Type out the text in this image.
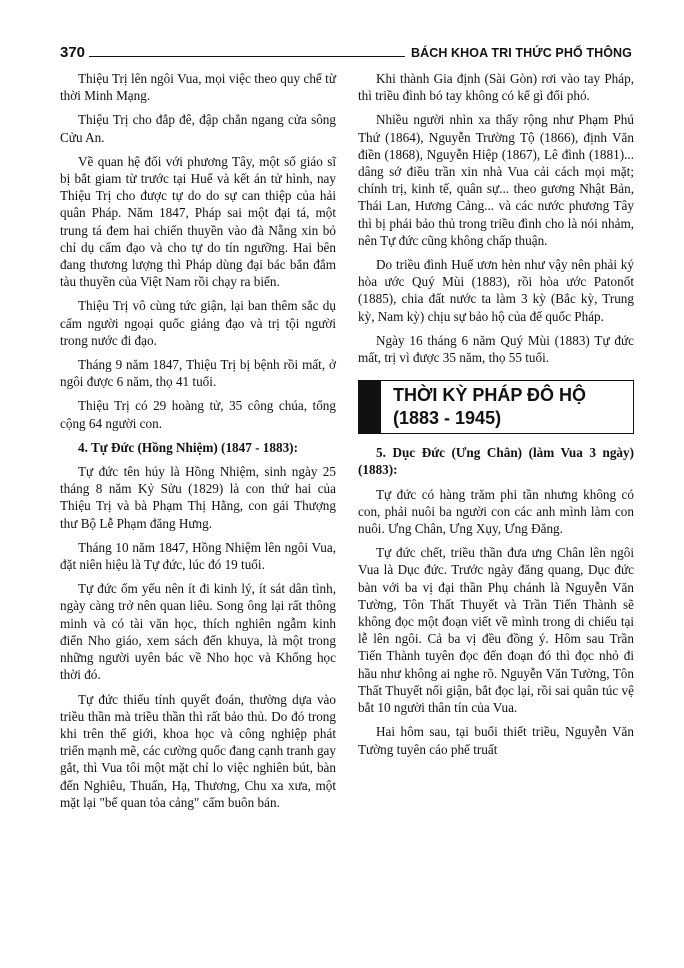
370	BÁCH KHOA TRI THỨC PHỔ THÔNG

Thiệu Trị lên ngôi Vua, mọi việc theo quy chế từ thời Minh Mạng.

Thiệu Trị cho đắp đê, đập chắn ngang cửa sông Cửu An.

Về quan hệ đối với phương Tây, một số giáo sĩ bị bắt giam từ trước tại Huế và kết án tử hình, nay Thiệu Trị cho được tự do do sự can thiệp của hải quân Pháp. Năm 1847, Pháp sai một đại tá, một trung tá đem hai chiến thuyền vào đà Nẵng xin bỏ chỉ dụ cấm đạo và cho tự do tín ngưỡng. Hai bên đang thương lượng thì Pháp dùng đại bác bắn đắm tàu thuyền của Việt Nam rồi chạy ra biển.

Thiệu Trị vô cùng tức giận, lại ban thêm sắc dụ cấm người ngoại quốc giảng đạo và trị tội người trong nước đi đạo.

Tháng 9 năm 1847, Thiệu Trị bị bệnh rồi mất, ở ngôi được 6 năm, thọ 41 tuổi.

Thiệu Trị có 29 hoàng tử, 35 công chúa, tổng cộng 64 người con.

4. Tự Đức (Hồng Nhiệm) (1847 - 1883):

Tự đức tên húy là Hồng Nhiệm, sinh ngày 25 tháng 8 năm Kỷ Sửu (1829) là con thứ hai của Thiệu Trị và bà Phạm Thị Hằng, con gái Thượng thư Bộ Lễ Phạm đăng Hưng.

Tháng 10 năm 1847, Hồng Nhiệm lên ngôi Vua, đặt niên hiệu là Tự đức, lúc đó 19 tuổi.

Tự đức ốm yếu nên ít đi kinh lý, ít sát dân tình, ngày càng trở nên quan liêu. Song ông lại rất thông minh và có tài văn học, thích nghiên ngẫm kinh điển Nho giáo, xem sách đến khuya, là một trong những người uyên bác về Nho học và Khổng học thời đó.

Tự đức thiếu tính quyết đoán, thường dựa vào triều thần mà triều thần thì rất bảo thủ. Do đó trong khi trên thế giới, khoa học và công nghiệp phát triển mạnh mẽ, các cường quốc đang cạnh tranh gay gắt, thì Vua tôi một mặt chỉ lo việc nghiên bút, bàn đến Nghiêu, Thuấn, Hạ, Thương, Chu xa xưa, một mặt lại "bế quan tỏa cảng" cấm buôn bán.

Khi thành Gia định (Sài Gòn) rơi vào tay Pháp, thì triều đình bó tay không có kế gì đối phó.

Nhiều người nhìn xa thấy rộng như Phạm Phú Thứ (1864), Nguyễn Trường Tộ (1866), định Văn điền (1868), Nguyễn Hiệp (1867), Lê đình (1881)... dâng sớ điều trần xin nhà Vua cải cách mọi mặt; chính trị, kinh tế, quân sự... theo gương Nhật Bản, Thái Lan, Hương Cảng... và các nước phương Tây thì bị phái bảo thủ trong triều đình cho là nói nhảm, nên Tự đức cũng không chấp thuận.

Do triều đình Huế ươn hèn như vậy nên phải ký hòa ước Quý Mùi (1883), rồi hòa ước Patonốt (1885), chia đất nước ta làm 3 kỳ (Bắc kỳ, Trung kỳ, Nam kỳ) chịu sự bảo hộ của đế quốc Pháp.

Ngày 16 tháng 6 năm Quý Mùi (1883) Tự đức mất, trị vì được 35 năm, thọ 55 tuổi.

THỜI KỲ PHÁP ĐÔ HỘ
(1883 - 1945)

5. Dục Đức (Ưng Chân) (làm Vua 3 ngày) (1883):

Tự đức có hàng trăm phi tần nhưng không có con, phải nuôi ba người con các anh mình làm con nuôi. Ưng Chân, Ưng Xụy, Ưng Đăng.

Tự đức chết, triều thần đưa ưng Chân lên ngôi Vua là Dục đức. Trước ngày đăng quang, Dục đức bàn với ba vị đại thần Phụ chánh là Nguyễn Văn Tường, Tôn Thất Thuyết và Trần Tiến Thành sẽ không đọc một đoạn viết về mình trong di chiếu tại lễ lên ngôi. Cả ba vị đều đồng ý. Hôm sau Trần Tiến Thành tuyên đọc đến đoạn đó thì đọc nhỏ đi hầu như không ai nghe rõ. Nguyễn Văn Tường, Tôn Thất Thuyết nổi giận, bắt đọc lại, rồi sai quân túc vệ bắt 10 người thân tín của Vua.

Hai hôm sau, tại buổi thiết triều, Nguyễn Văn Tường tuyên cáo phế truất
